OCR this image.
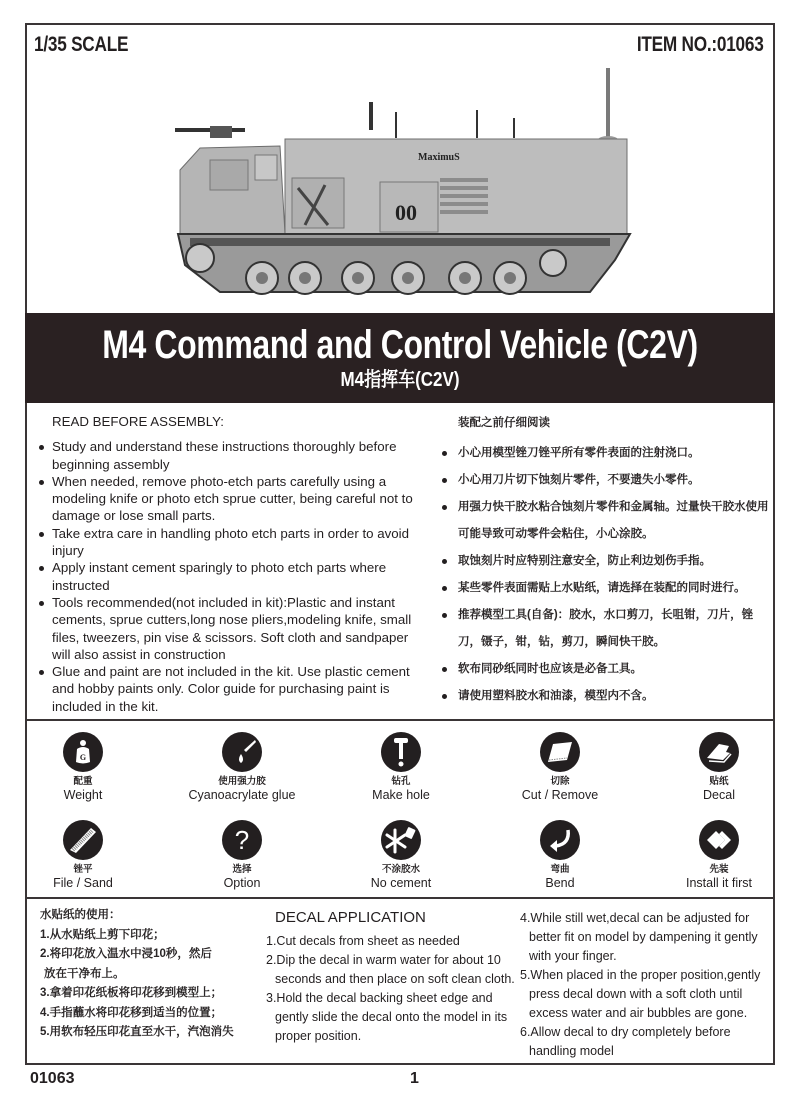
1/35 SCALE	ITEM NO.:01063
00
MaximuS
M4 Command and Control Vehicle (C2V)
M4指挥车(C2V)
READ BEFORE ASSEMBLY:
Study and understand these instructions thoroughly before beginning assembly
When needed, remove photo-etch parts carefully using a modeling knife or photo etch sprue cutter, being careful not to damage or lose small parts.
Take extra care in handling photo etch parts in order to avoid injury
Apply instant cement sparingly to photo etch parts where instructed
Tools recommended(not included in kit):Plastic and instant cements, sprue cutters,long nose pliers,modeling knife, small files, tweezers, pin vise & scissors. Soft cloth and sandpaper will also assist in construction
Glue and paint are not included in the kit. Use plastic cement and hobby paints only. Color guide for purchasing paint is included in the kit.
装配之前仔细阅读
小心用模型锉刀锉平所有零件表面的注射浇口。
小心用刀片切下蚀刻片零件，不要遗失小零件。
用强力快干胶水粘合蚀刻片零件和金属轴。过量快干胶水使用可能导致可动零件会粘住，小心涂胶。
取蚀刻片时应特别注意安全，防止利边划伤手指。
某些零件表面需贴上水贴纸，请选择在装配的同时进行。
推荐模型工具(自备)：胶水，水口剪刀，长咀钳，刀片，锉刀，镊子，钳，钻，剪刀，瞬间快干胶。
软布同砂纸同时也应该是必备工具。
请使用塑料胶水和油漆，模型内不含。
G
配重
Weight
使用强力胶
Cyanoacrylate glue
钻孔
Make hole
切除
Cut / Remove
贴纸
Decal
锉平
File / Sand
?
选择
Option
不涂胶水
No cement
弯曲
Bend
先装
Install it first
水贴纸的使用：
1.从水贴纸上剪下印花；
2.将印花放入温水中浸10秒，然后
放在干净布上。
3.拿着印花纸板将印花移到模型上；
4.手指蘸水将印花移到适当的位置；
5.用软布轻压印花直至水干，汽泡消失
DECAL APPLICATION
1.Cut decals from sheet as needed
2.Dip the decal in warm water for about 10
seconds and then place on soft clean cloth.
3.Hold the decal backing sheet edge and
gently slide the decal onto the model in its
proper position.
4.While still wet,decal can be adjusted for
better fit on model by dampening it gently
with your finger.
5.When placed in the proper position,gently
press decal down with a soft cloth until
excess water and air bubbles are gone.
6.Allow decal to dry completely before
handling model
01063	1
